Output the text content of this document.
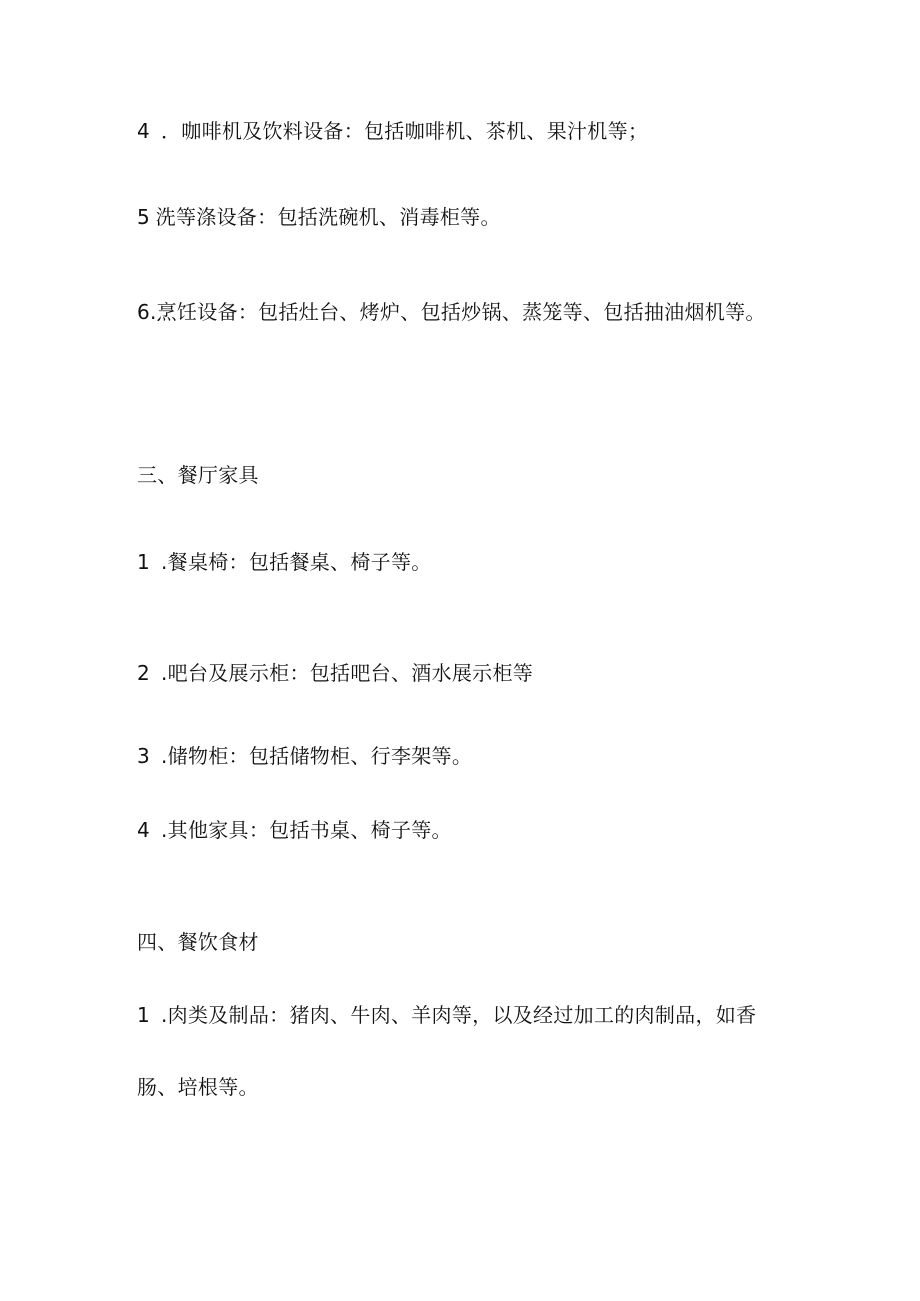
4 ．咖啡机及饮料设备：包括咖啡机、茶机、果汁机等；
5 洗等涤设备：包括洗碗机、消毒柜等。
6.烹饪设备：包括灶台、烤炉、包括炒锅、蒸笼等、包括抽油烟机等。
三、餐厅家具
1 .餐桌椅：包括餐桌、椅子等。
2 .吧台及展示柜：包括吧台、酒水展示柜等
3 .储物柜：包括储物柜、行李架等。
4 .其他家具：包括书桌、椅子等。
四、餐饮食材
1 .肉类及制品：猪肉、牛肉、羊肉等，以及经过加工的肉制品，如香
肠、培根等。
